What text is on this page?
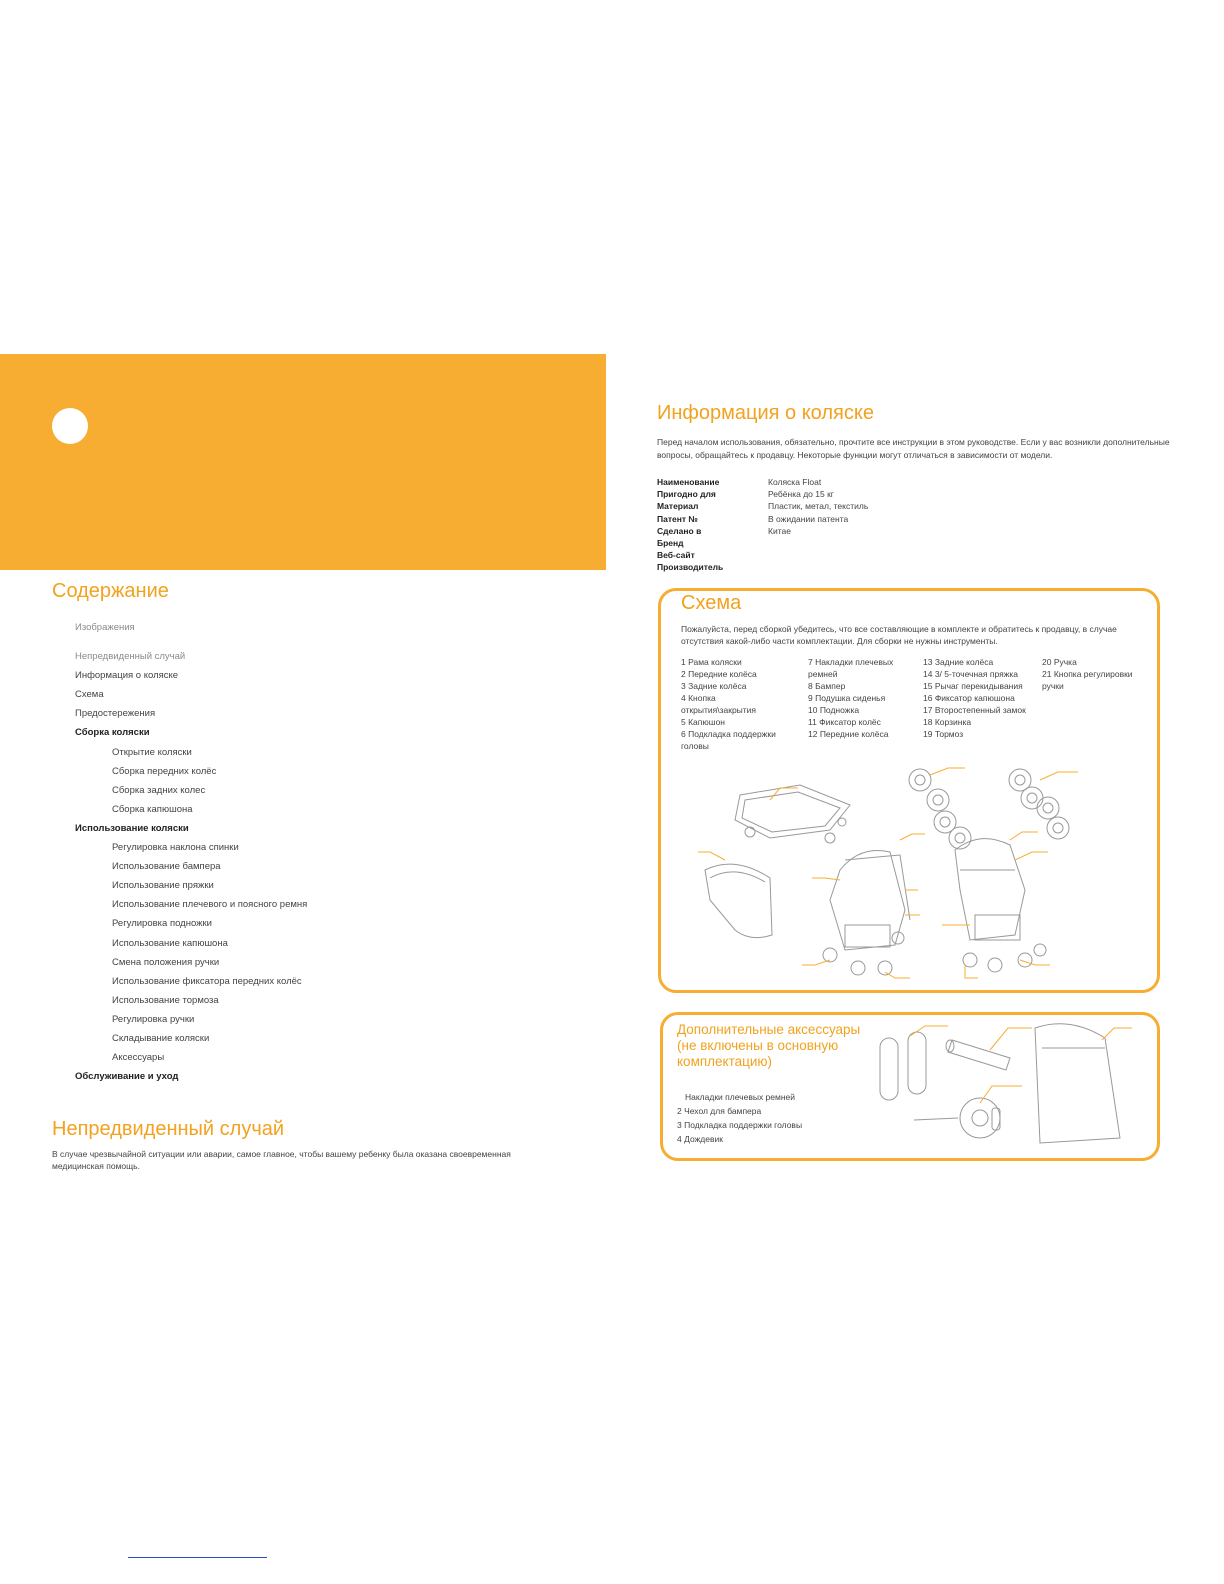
Содержание
Изображения
Непредвиденный случай
Информация о коляске
Схема
Предостережения
Сборка коляски
Открытие коляски
Сборка передних колёс
Сборка задних колес
Сборка капюшона
Использование коляски
Регулировка наклона спинки
Использование бампера
Использование пряжки
Использование плечевого и поясного ремня
Регулировка подножки
Использование капюшона
Смена положения ручки
Использование фиксатора передних колёс
Использование тормоза
Регулировка ручки
Складывание коляски
Аксессуары
Обслуживание и уход
Непредвиденный случай
В случае чрезвычайной ситуации или аварии, самое главное, чтобы вашему ребенку была оказана своевременная медицинская помощь.
Информация о коляске
Перед началом использования, обязательно, прочтите все инструкции в этом руководстве. Если у вас возникли дополнительные вопросы, обращайтесь к продавцу. Некоторые функции могут отличаться в зависимости от модели.
Наименование	Коляска Float
Пригодно для	Ребёнка до 15 кг
Материал	Пластик, метал, текстиль
Патент №	В ожидании патента
Сделано в	Китае
Бренд
Веб-сайт
Производитель
Схема
Пожалуйста, перед сборкой убедитесь, что все составляющие в комплекте и обратитесь к продавцу, в случае отсутствия какой-либо части комплектации. Для сборки не нужны инструменты.
1 Рама коляски
2 Передние колёса
3 Задние колёса
4 Кнопка открытия\закрытия
5 Капюшон
6 Подкладка поддержки головы
7 Накладки плечевых ремней
8 Бампер
9 Подушка сиденья
10 Подножка
11 Фиксатор колёс
12 Передние колёса
13 Задние колёса
14 3/ 5-точечная пряжка
15 Рычаг перекидывания
16 Фиксатор капюшона
17 Второстепенный замок
18 Корзинка
19 Тормоз
20 Ручка
21 Кнопка регулировки ручки
Дополнительные аксессуары (не включены в основную комплектацию)
Накладки плечевых ремней
2 Чехол для бампера
3 Подкладка поддержки головы
4 Дождевик
